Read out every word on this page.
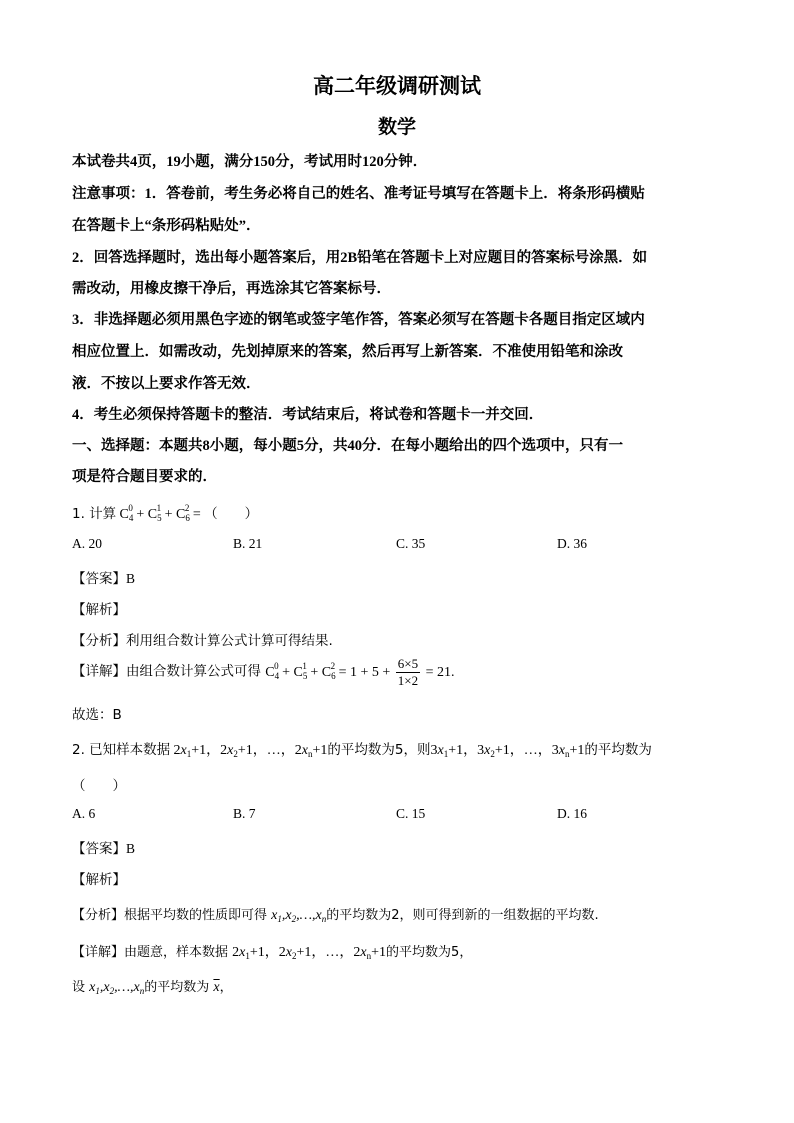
高二年级调研测试
数学
本试卷共4页，19小题，满分150分，考试用时120分钟．
注意事项：1．答卷前，考生务必将自己的姓名、准考证号填写在答题卡上．将条形码横贴
在答题卡上“条形码粘贴处”．
2．回答选择题时，选出每小题答案后，用2B铅笔在答题卡上对应题目的答案标号涂黑．如
需改动，用橡皮擦干净后，再选涂其它答案标号．
3．非选择题必须用黑色字迹的钢笔或签字笔作答，答案必须写在答题卡各题目指定区域内
相应位置上．如需改动，先划掉原来的答案，然后再写上新答案．不准使用铅笔和涂改
液．不按以上要求作答无效．
4．考生必须保持答题卡的整洁．考试结束后，将试卷和答题卡一并交回．
一、选择题：本题共8小题，每小题5分，共40分．在每小题给出的四个选项中，只有一
项是符合题目要求的．
1. 计算 $C_4^0 + C_5^1 + C_6^2$ = （　　）
A. 20	B. 21	C. 35	D. 36
【答案】B
【解析】
【分析】利用组合数计算公式计算可得结果.
【详解】由组合数计算公式可得 $C_4^0 + C_5^1 + C_6^2 = 1 + 5 + \frac{6\times 5}{1\times 2} = 21$.
故选：B
2. 已知样本数据 $2x_1+1$，$2x_2+1$，…，$2x_n+1$的平均数为5，则$3x_1+1$，$3x_2+1$，…，$3x_n+1$的平均数为
（　　）
A. 6	B. 7	C. 15	D. 16
【答案】B
【解析】
【分析】根据平均数的性质即可得 $x_1,x_2,\dots,x_n$的平均数为2，则可得到新的一组数据的平均数.
【详解】由题意，样本数据 $2x_1+1$，$2x_2+1$，…，$2x_n+1$的平均数为5，
设 $x_1,x_2,\dots,x_n$的平均数为 $\overline{x}$，
